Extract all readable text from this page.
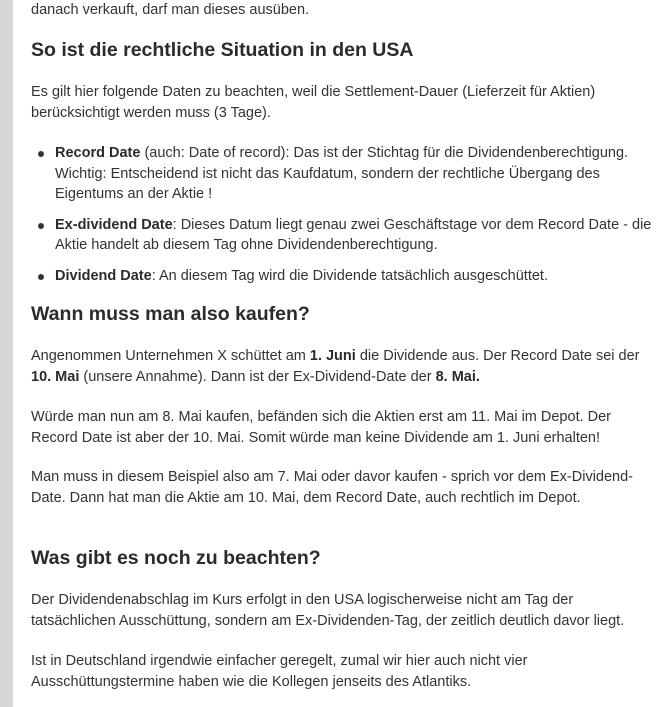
danach verkauft, darf man dieses ausüben.

So ist die rechtliche Situation in den USA

Es gilt hier folgende Daten zu beachten, weil die Settlement-Dauer (Lieferzeit für Aktien) berücksichtigt werden muss (3 Tage).

Record Date (auch: Date of record): Das ist der Stichtag für die Dividendenberechtigung. Wichtig: Entscheidend ist nicht das Kaufdatum, sondern der rechtliche Übergang des Eigentums an der Aktie !
Ex-dividend Date: Dieses Datum liegt genau zwei Geschäftstage vor dem Record Date - die Aktie handelt ab diesem Tag ohne Dividendenberechtigung.
Dividend Date: An diesem Tag wird die Dividende tatsächlich ausgeschüttet.
Wann muss man also kaufen?

Angenommen Unternehmen X schüttet am 1. Juni die Dividende aus. Der Record Date sei der 10. Mai (unsere Annahme). Dann ist der Ex-Dividend-Date der 8. Mai.

Würde man nun am 8. Mai kaufen, befänden sich die Aktien erst am 11. Mai im Depot. Der Record Date ist aber der 10. Mai. Somit würde man keine Dividende am 1. Juni erhalten!

Man muss in diesem Beispiel also am 7. Mai oder davor kaufen - sprich vor dem Ex-Dividend-Date. Dann hat man die Aktie am 10. Mai, dem Record Date, auch rechtlich im Depot.

Was gibt es noch zu beachten?

Der Dividendenabschlag im Kurs erfolgt in den USA logischerweise nicht am Tag der tatsächlichen Ausschüttung, sondern am Ex-Dividenden-Tag, der zeitlich deutlich davor liegt.

Ist in Deutschland irgendwie einfacher geregelt, zumal wir hier auch nicht vier Ausschüttungstermine haben wie die Kollegen jenseits des Atlantiks.
